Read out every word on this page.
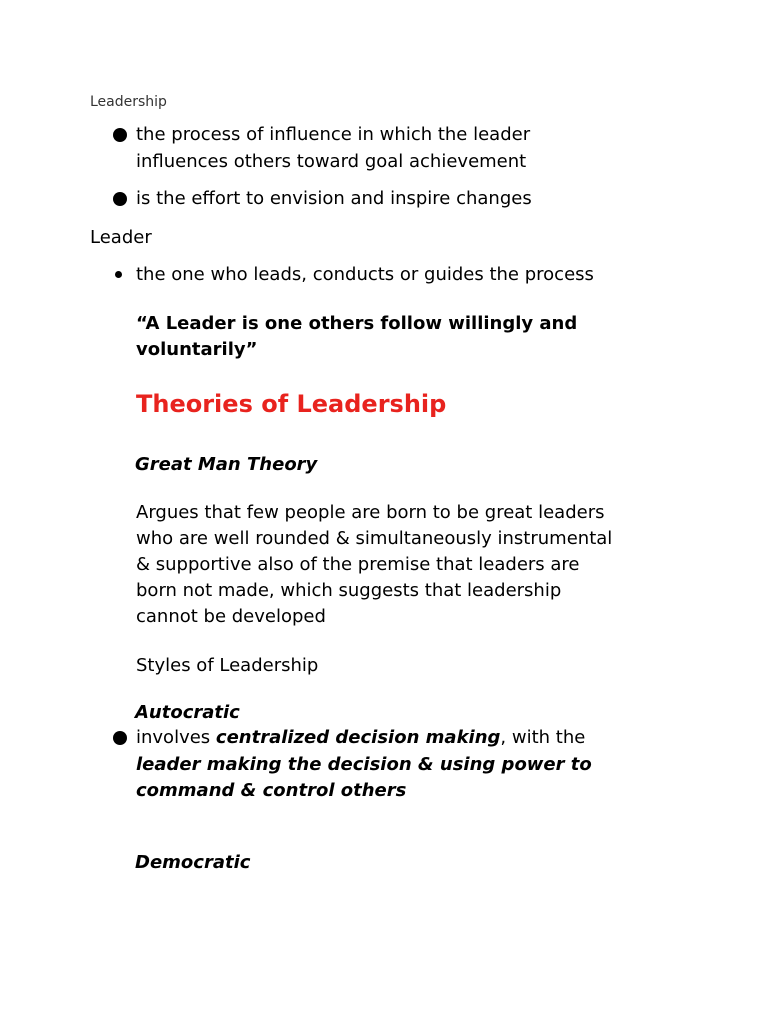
Leadership

the process of influence in which the leader

influences others toward goal achievement

is the effort to envision and inspire changes

Leader

the one who leads, conducts or guides the process

“A Leader is one others follow willingly and

voluntarily”

Theories of Leadership

Great Man Theory

Argues that few people are born to be great leaders

who are well rounded & simultaneously instrumental

& supportive also of the premise that leaders are

born not made, which suggests that leadership

cannot be developed

Styles of Leadership

Autocratic

involves centralized decision making, with the

leader making the decision & using power to

command & control others

Democratic
